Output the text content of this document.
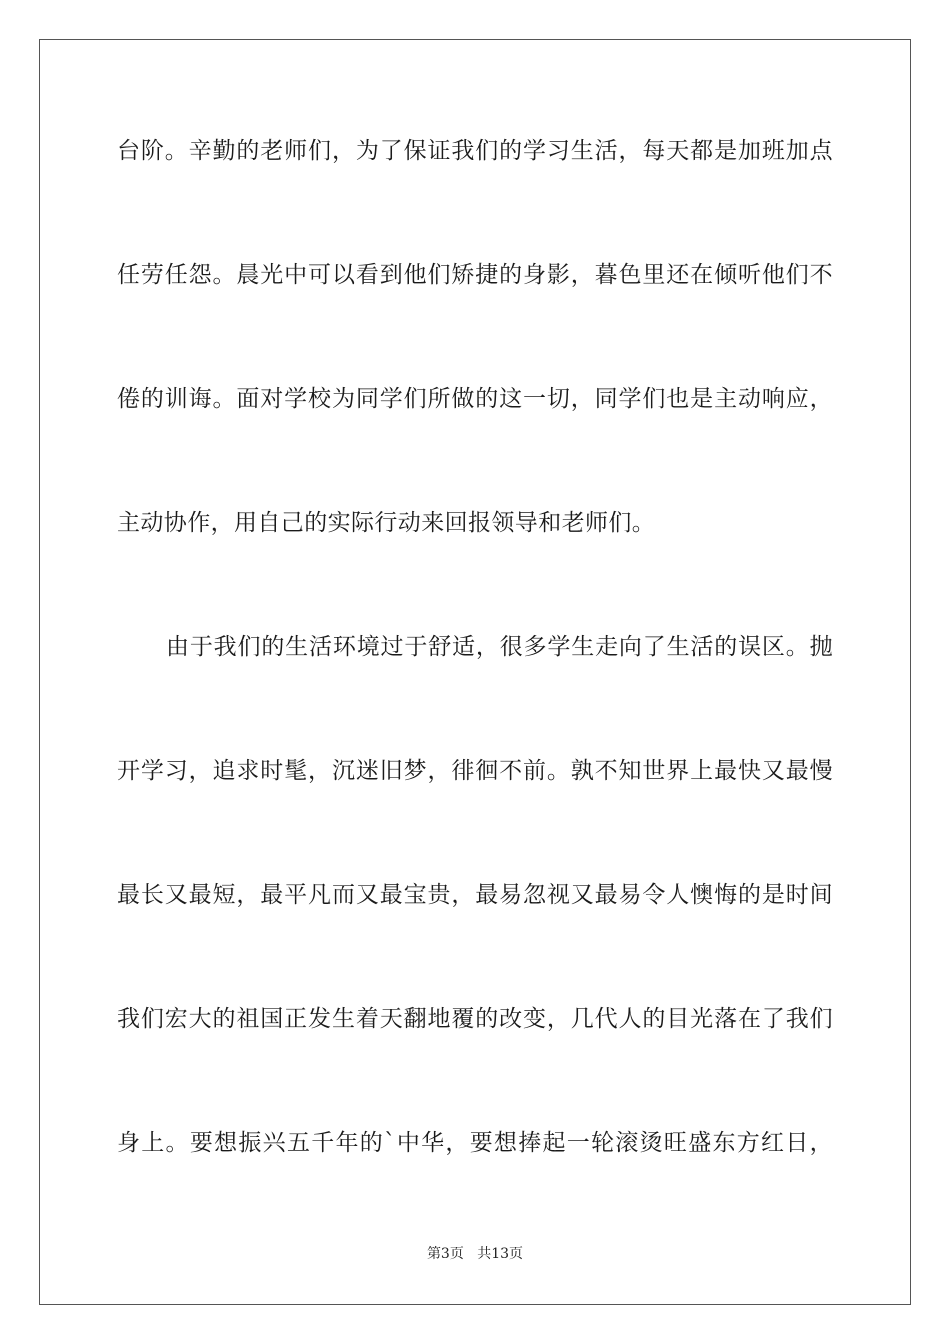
台阶。辛勤的老师们，为了保证我们的学习生活，每天都是加班加点
任劳任怨。晨光中可以看到他们矫捷的身影，暮色里还在倾听他们不
倦的训诲。面对学校为同学们所做的这一切，同学们也是主动响应，
主动协作，用自己的实际行动来回报领导和老师们。
由于我们的生活环境过于舒适，很多学生走向了生活的误区。抛
开学习，追求时髦，沉迷旧梦，徘徊不前。孰不知世界上最快又最慢
最长又最短，最平凡而又最宝贵，最易忽视又最易令人懊悔的是时间
我们宏大的祖国正发生着天翻地覆的改变，几代人的目光落在了我们
身上。要想振兴五千年的`中华，要想捧起一轮滚烫旺盛东方红日，
第3页 共13页
